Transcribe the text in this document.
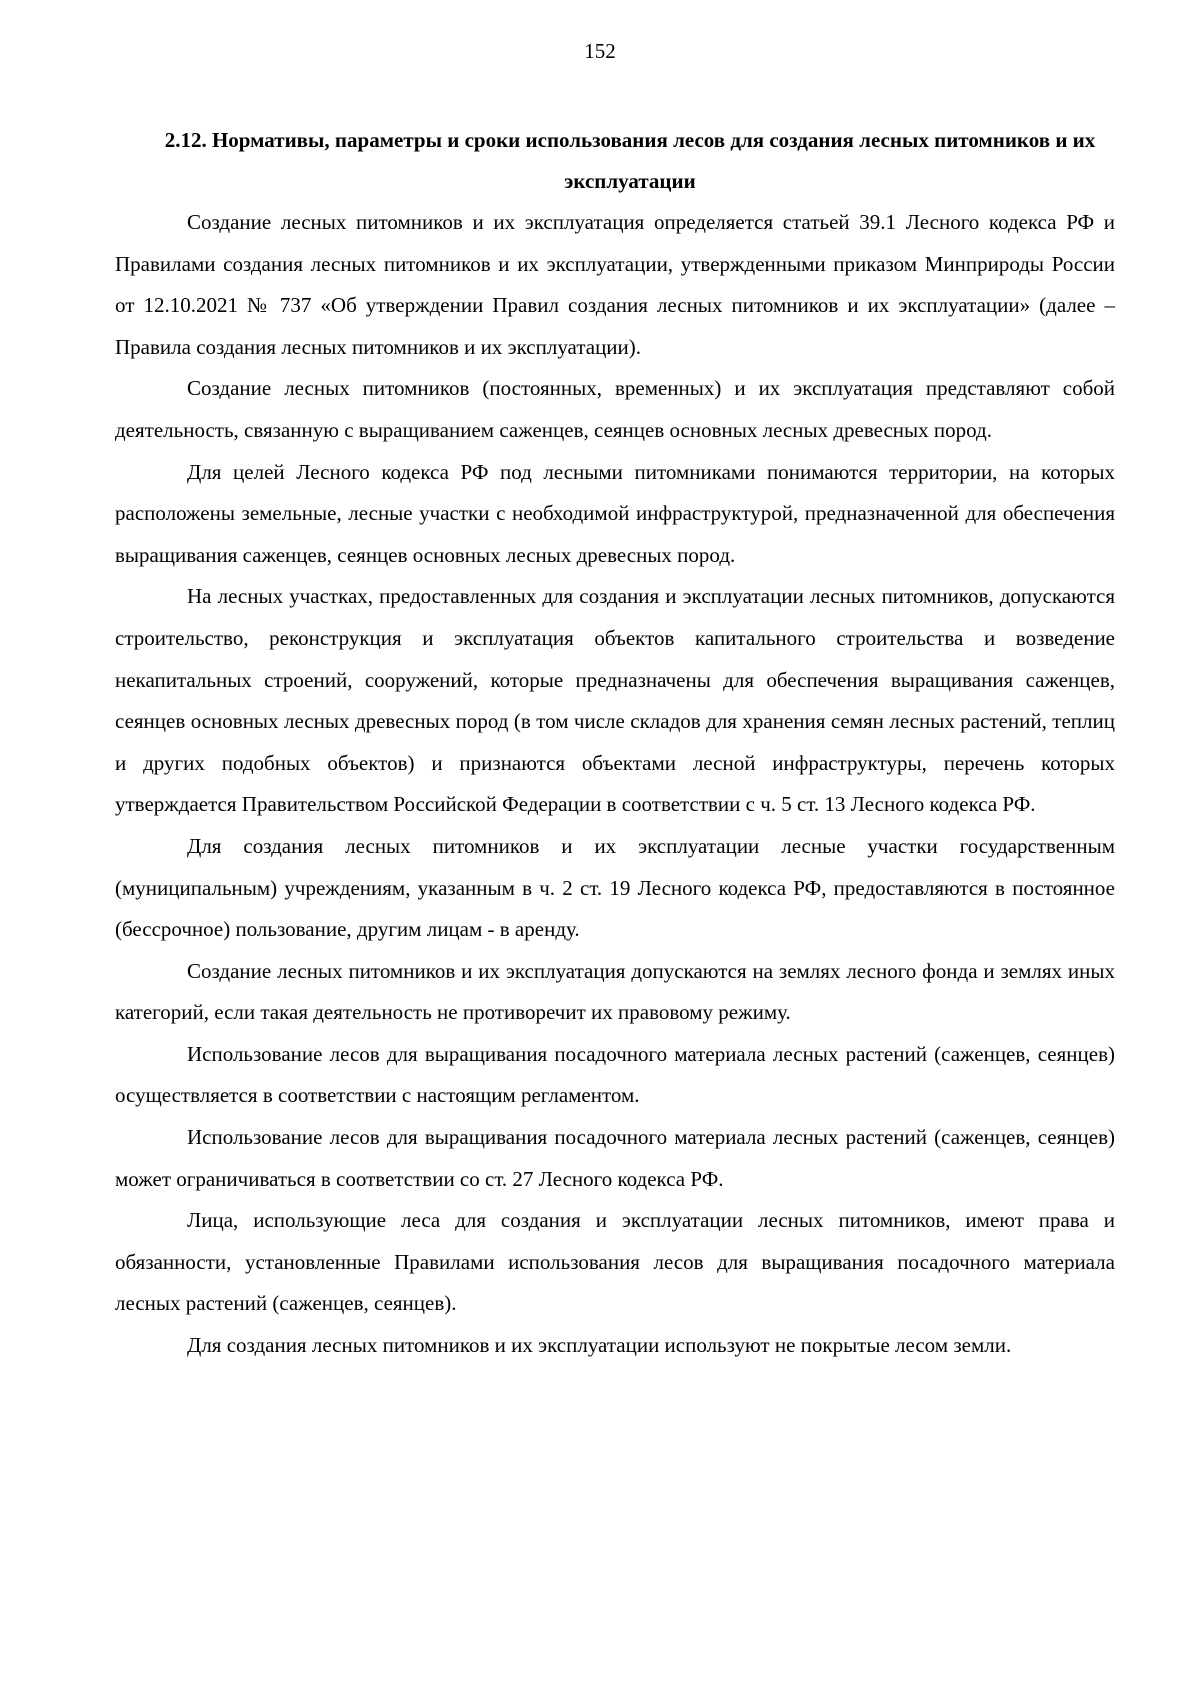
152
2.12. Нормативы, параметры и сроки использования лесов для создания лесных питомников и их эксплуатации

Создание лесных питомников и их эксплуатация определяется статьей 39.1 Лесного кодекса РФ и Правилами создания лесных питомников и их эксплуатации, утвержденными приказом Минприроды России от 12.10.2021 № 737 «Об утверждении Правил создания лесных питомников и их эксплуатации» (далее – Правила создания лесных питомников и их эксплуатации).

Создание лесных питомников (постоянных, временных) и их эксплуатация представляют собой деятельность, связанную с выращиванием саженцев, сеянцев основных лесных древесных пород.

Для целей Лесного кодекса РФ под лесными питомниками понимаются территории, на которых расположены земельные, лесные участки с необходимой инфраструктурой, предназначенной для обеспечения выращивания саженцев, сеянцев основных лесных древесных пород.

На лесных участках, предоставленных для создания и эксплуатации лесных питомников, допускаются строительство, реконструкция и эксплуатация объектов капитального строительства и возведение некапитальных строений, сооружений, которые предназначены для обеспечения выращивания саженцев, сеянцев основных лесных древесных пород (в том числе складов для хранения семян лесных растений, теплиц и других подобных объектов) и признаются объектами лесной инфраструктуры, перечень которых утверждается Правительством Российской Федерации в соответствии с ч. 5 ст. 13 Лесного кодекса РФ.

Для создания лесных питомников и их эксплуатации лесные участки государственным (муниципальным) учреждениям, указанным в ч. 2 ст. 19 Лесного кодекса РФ, предоставляются в постоянное (бессрочное) пользование, другим лицам - в аренду.

Создание лесных питомников и их эксплуатация допускаются на землях лесного фонда и землях иных категорий, если такая деятельность не противоречит их правовому режиму.

Использование лесов для выращивания посадочного материала лесных растений (саженцев, сеянцев) осуществляется в соответствии с настоящим регламентом.

Использование лесов для выращивания посадочного материала лесных растений (саженцев, сеянцев) может ограничиваться в соответствии со ст. 27 Лесного кодекса РФ.

Лица, использующие леса для создания и эксплуатации лесных питомников, имеют права и обязанности, установленные Правилами использования лесов для выращивания посадочного материала лесных растений (саженцев, сеянцев).

Для создания лесных питомников и их эксплуатации используют не покрытые лесом земли.
